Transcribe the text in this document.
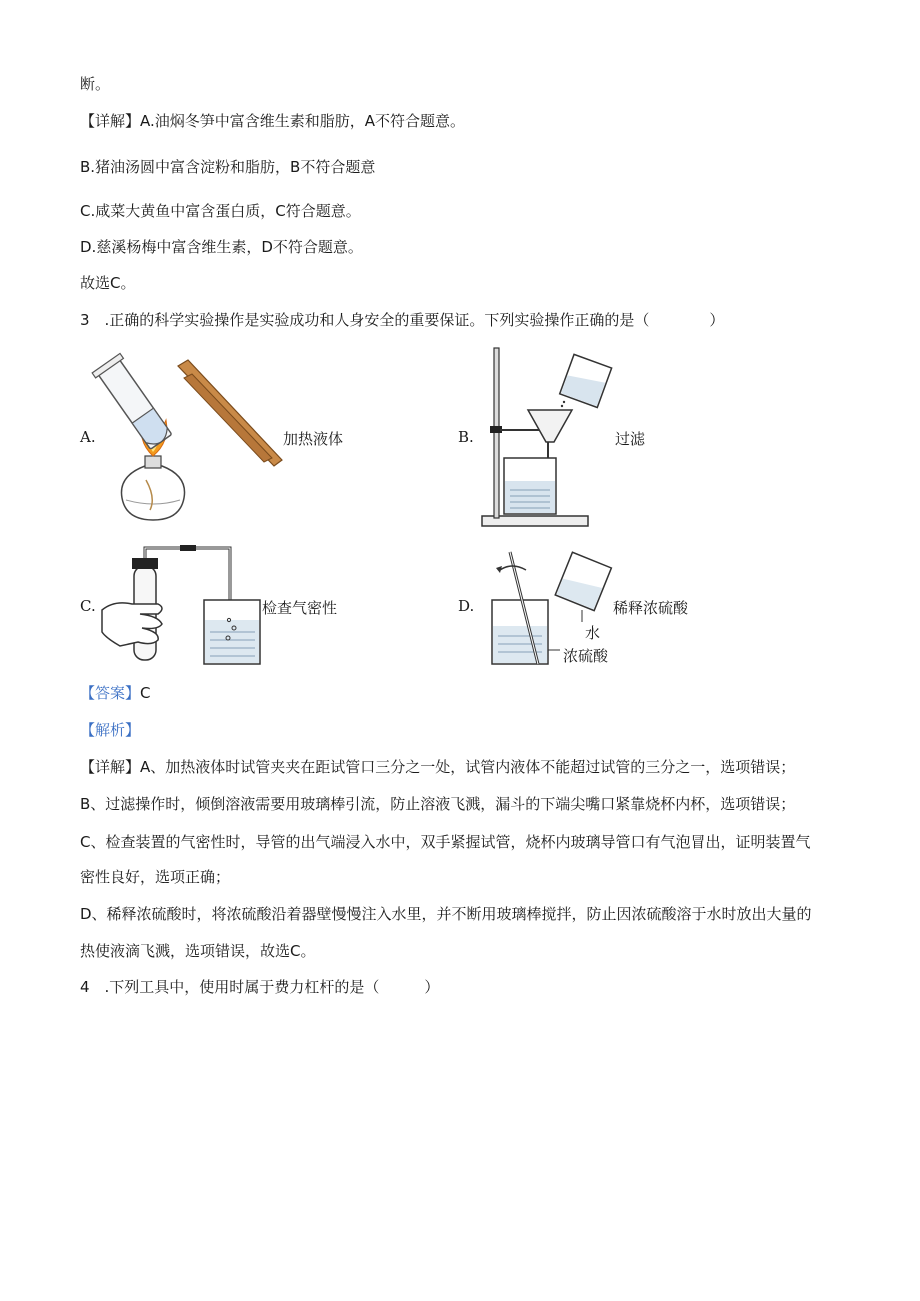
断。
【详解】A.油焖冬笋中富含维生素和脂肪，A不符合题意。
B.猪油汤圆中富含淀粉和脂肪，B不符合题意
C.咸菜大黄鱼中富含蛋白质，C符合题意。
D.慈溪杨梅中富含维生素，D不符合题意。
故选C。
3　.正确的科学实验操作是实验成功和人身安全的重要保证。下列实验操作正确的是（　　　　）
A.	加热液体	B.	过滤
C.	检查气密性	D.	稀释浓硫酸
水
浓硫酸
【答案】C
【解析】
【详解】A、加热液体时试管夹夹在距试管口三分之一处，试管内液体不能超过试管的三分之一，选项错误；
B、过滤操作时，倾倒溶液需要用玻璃棒引流，防止溶液飞溅，漏斗的下端尖嘴口紧靠烧杯内杯，选项错误；
C、检查装置的气密性时，导管的出气端浸入水中，双手紧握试管，烧杯内玻璃导管口有气泡冒出，证明装置气
密性良好，选项正确；
D、稀释浓硫酸时，将浓硫酸沿着器壁慢慢注入水里，并不断用玻璃棒搅拌，防止因浓硫酸溶于水时放出大量的
热使液滴飞溅，选项错误，故选C。
4　.下列工具中，使用时属于费力杠杆的是（　　　）
